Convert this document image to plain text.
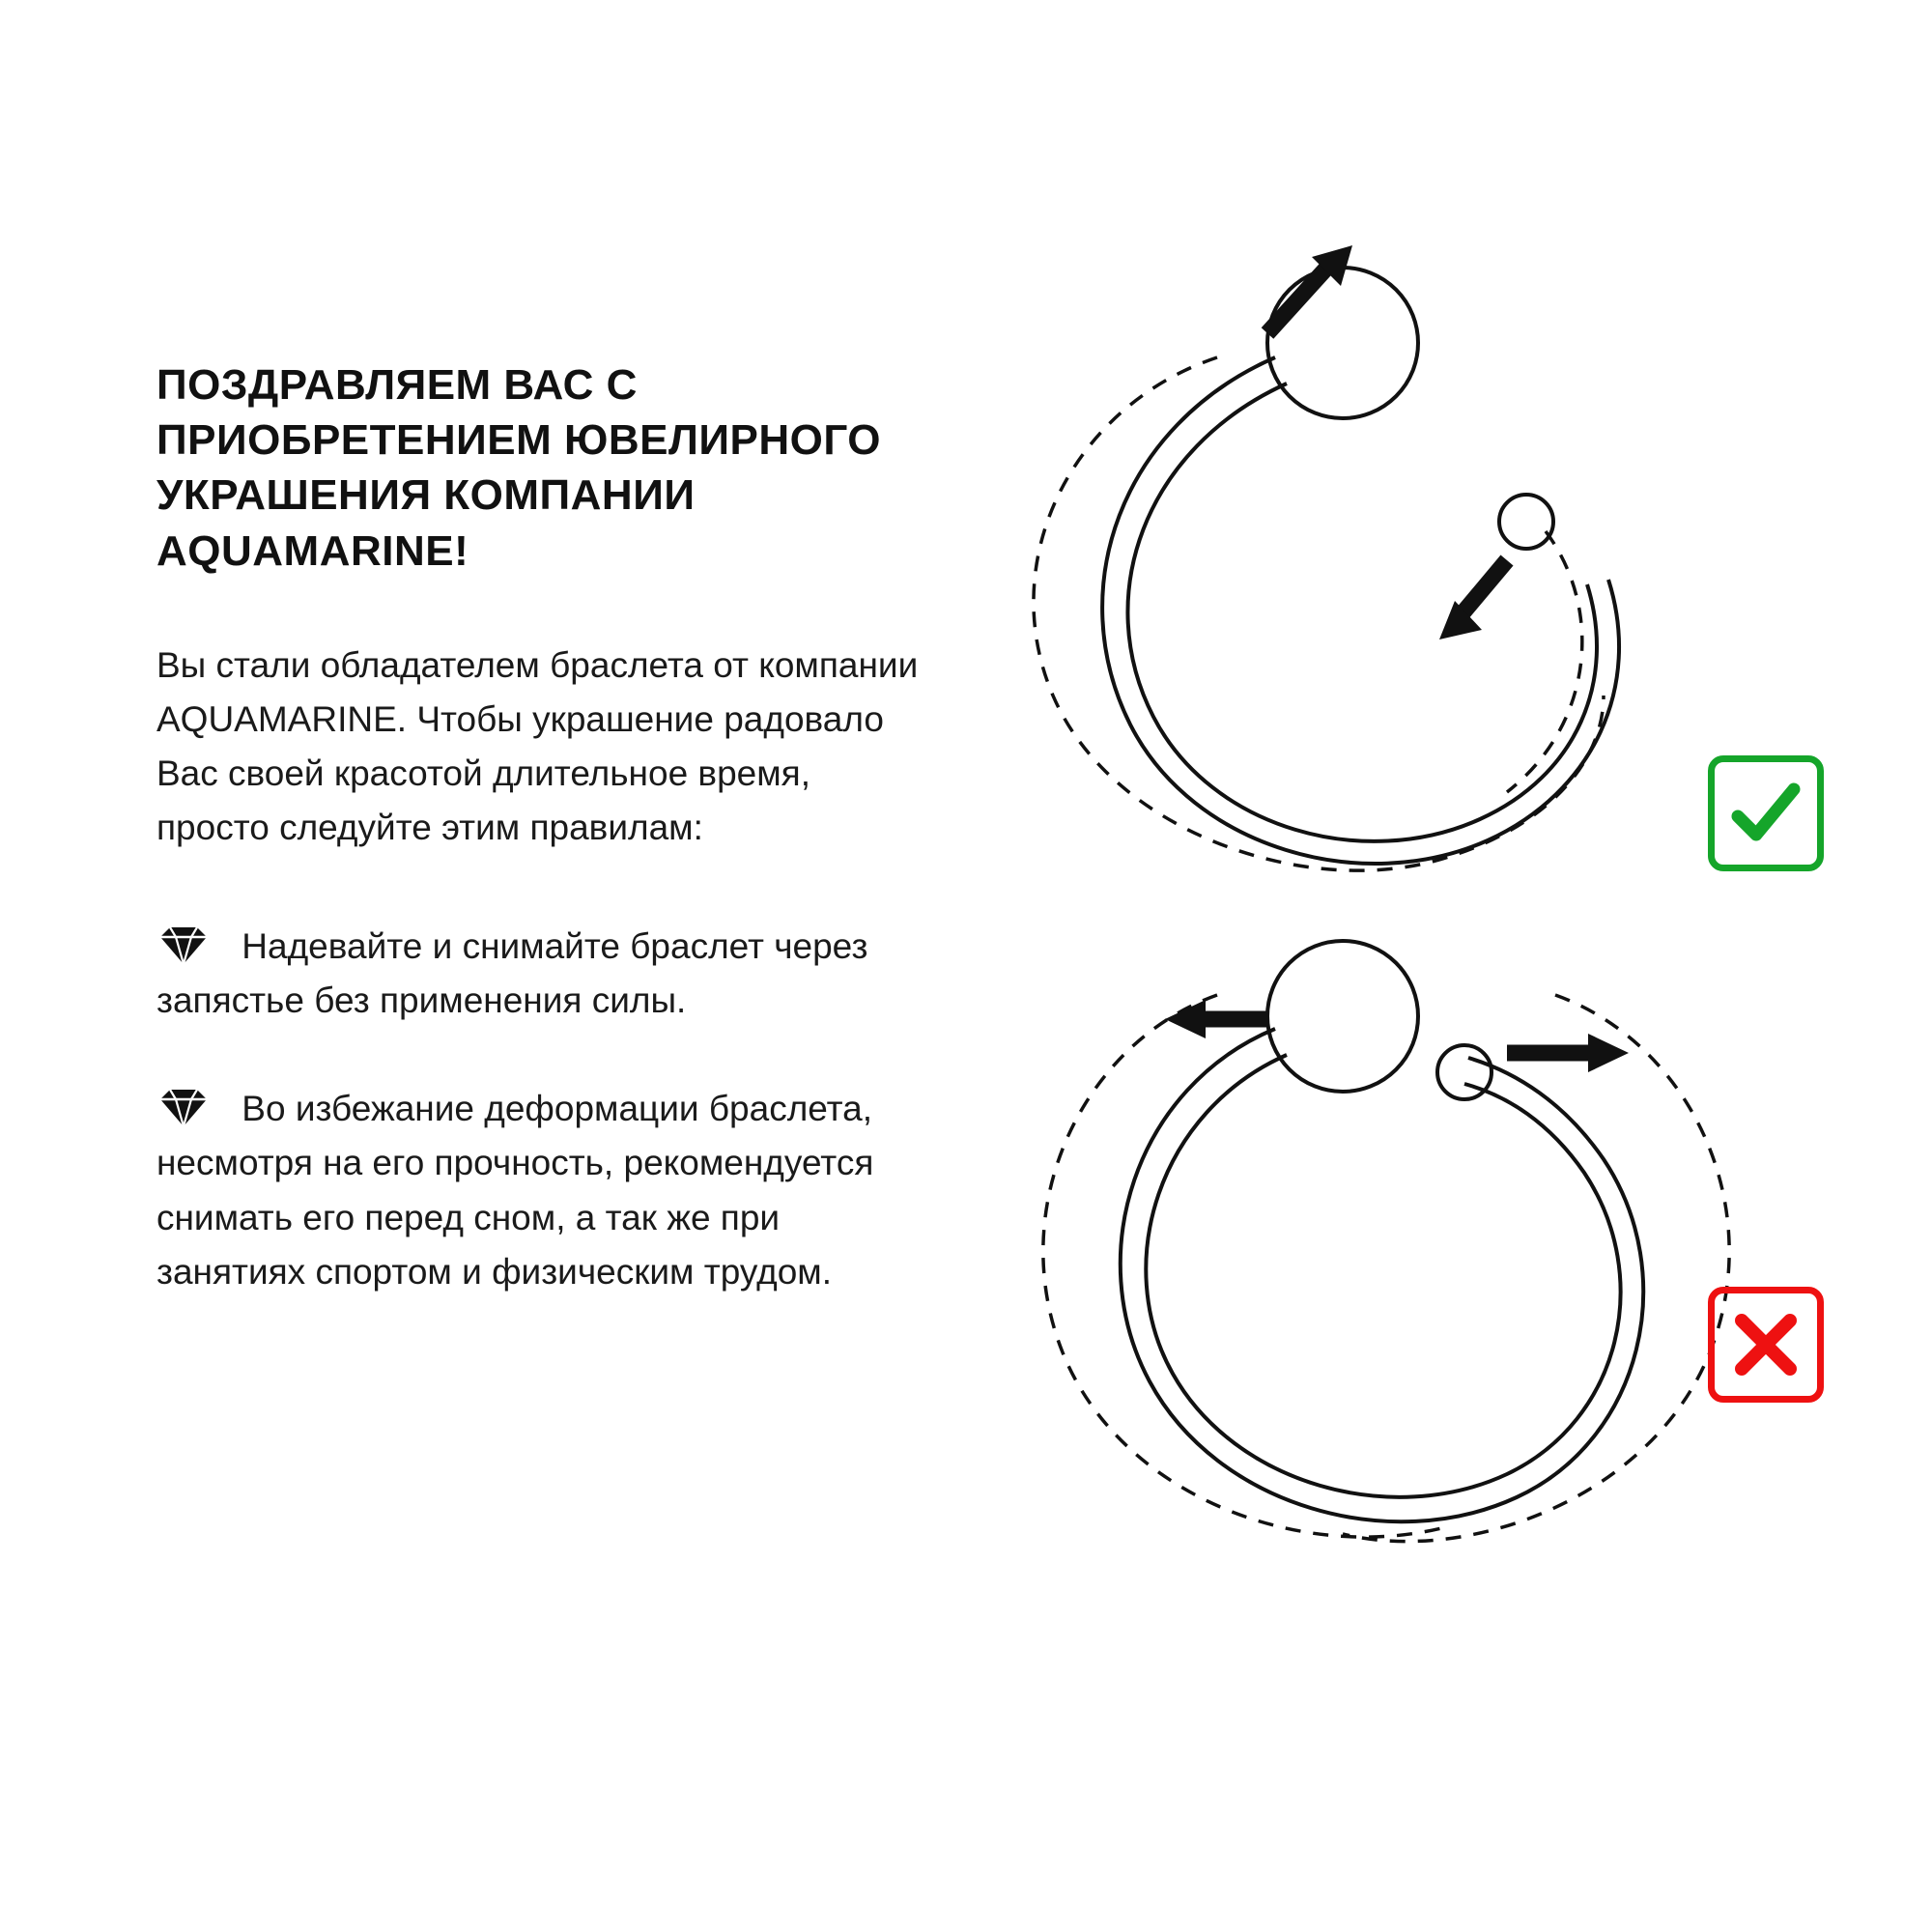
ПОЗДРАВЛЯЕМ ВАС С ПРИОБРЕТЕНИЕМ ЮВЕЛИРНОГО УКРАШЕНИЯ КОМПАНИИ AQUAMARINE!

Вы стали обладателем браслета от компании AQUAMARINE. Чтобы украшение радовало Вас своей красотой длительное время, просто следуйте этим правилам:

Надевайте и снимайте браслет через запястье без применения силы.

Во избежание деформации браслета, несмотря на его прочность, рекомендуется снимать его перед сном, а так же при занятиях спортом и физическим трудом.
